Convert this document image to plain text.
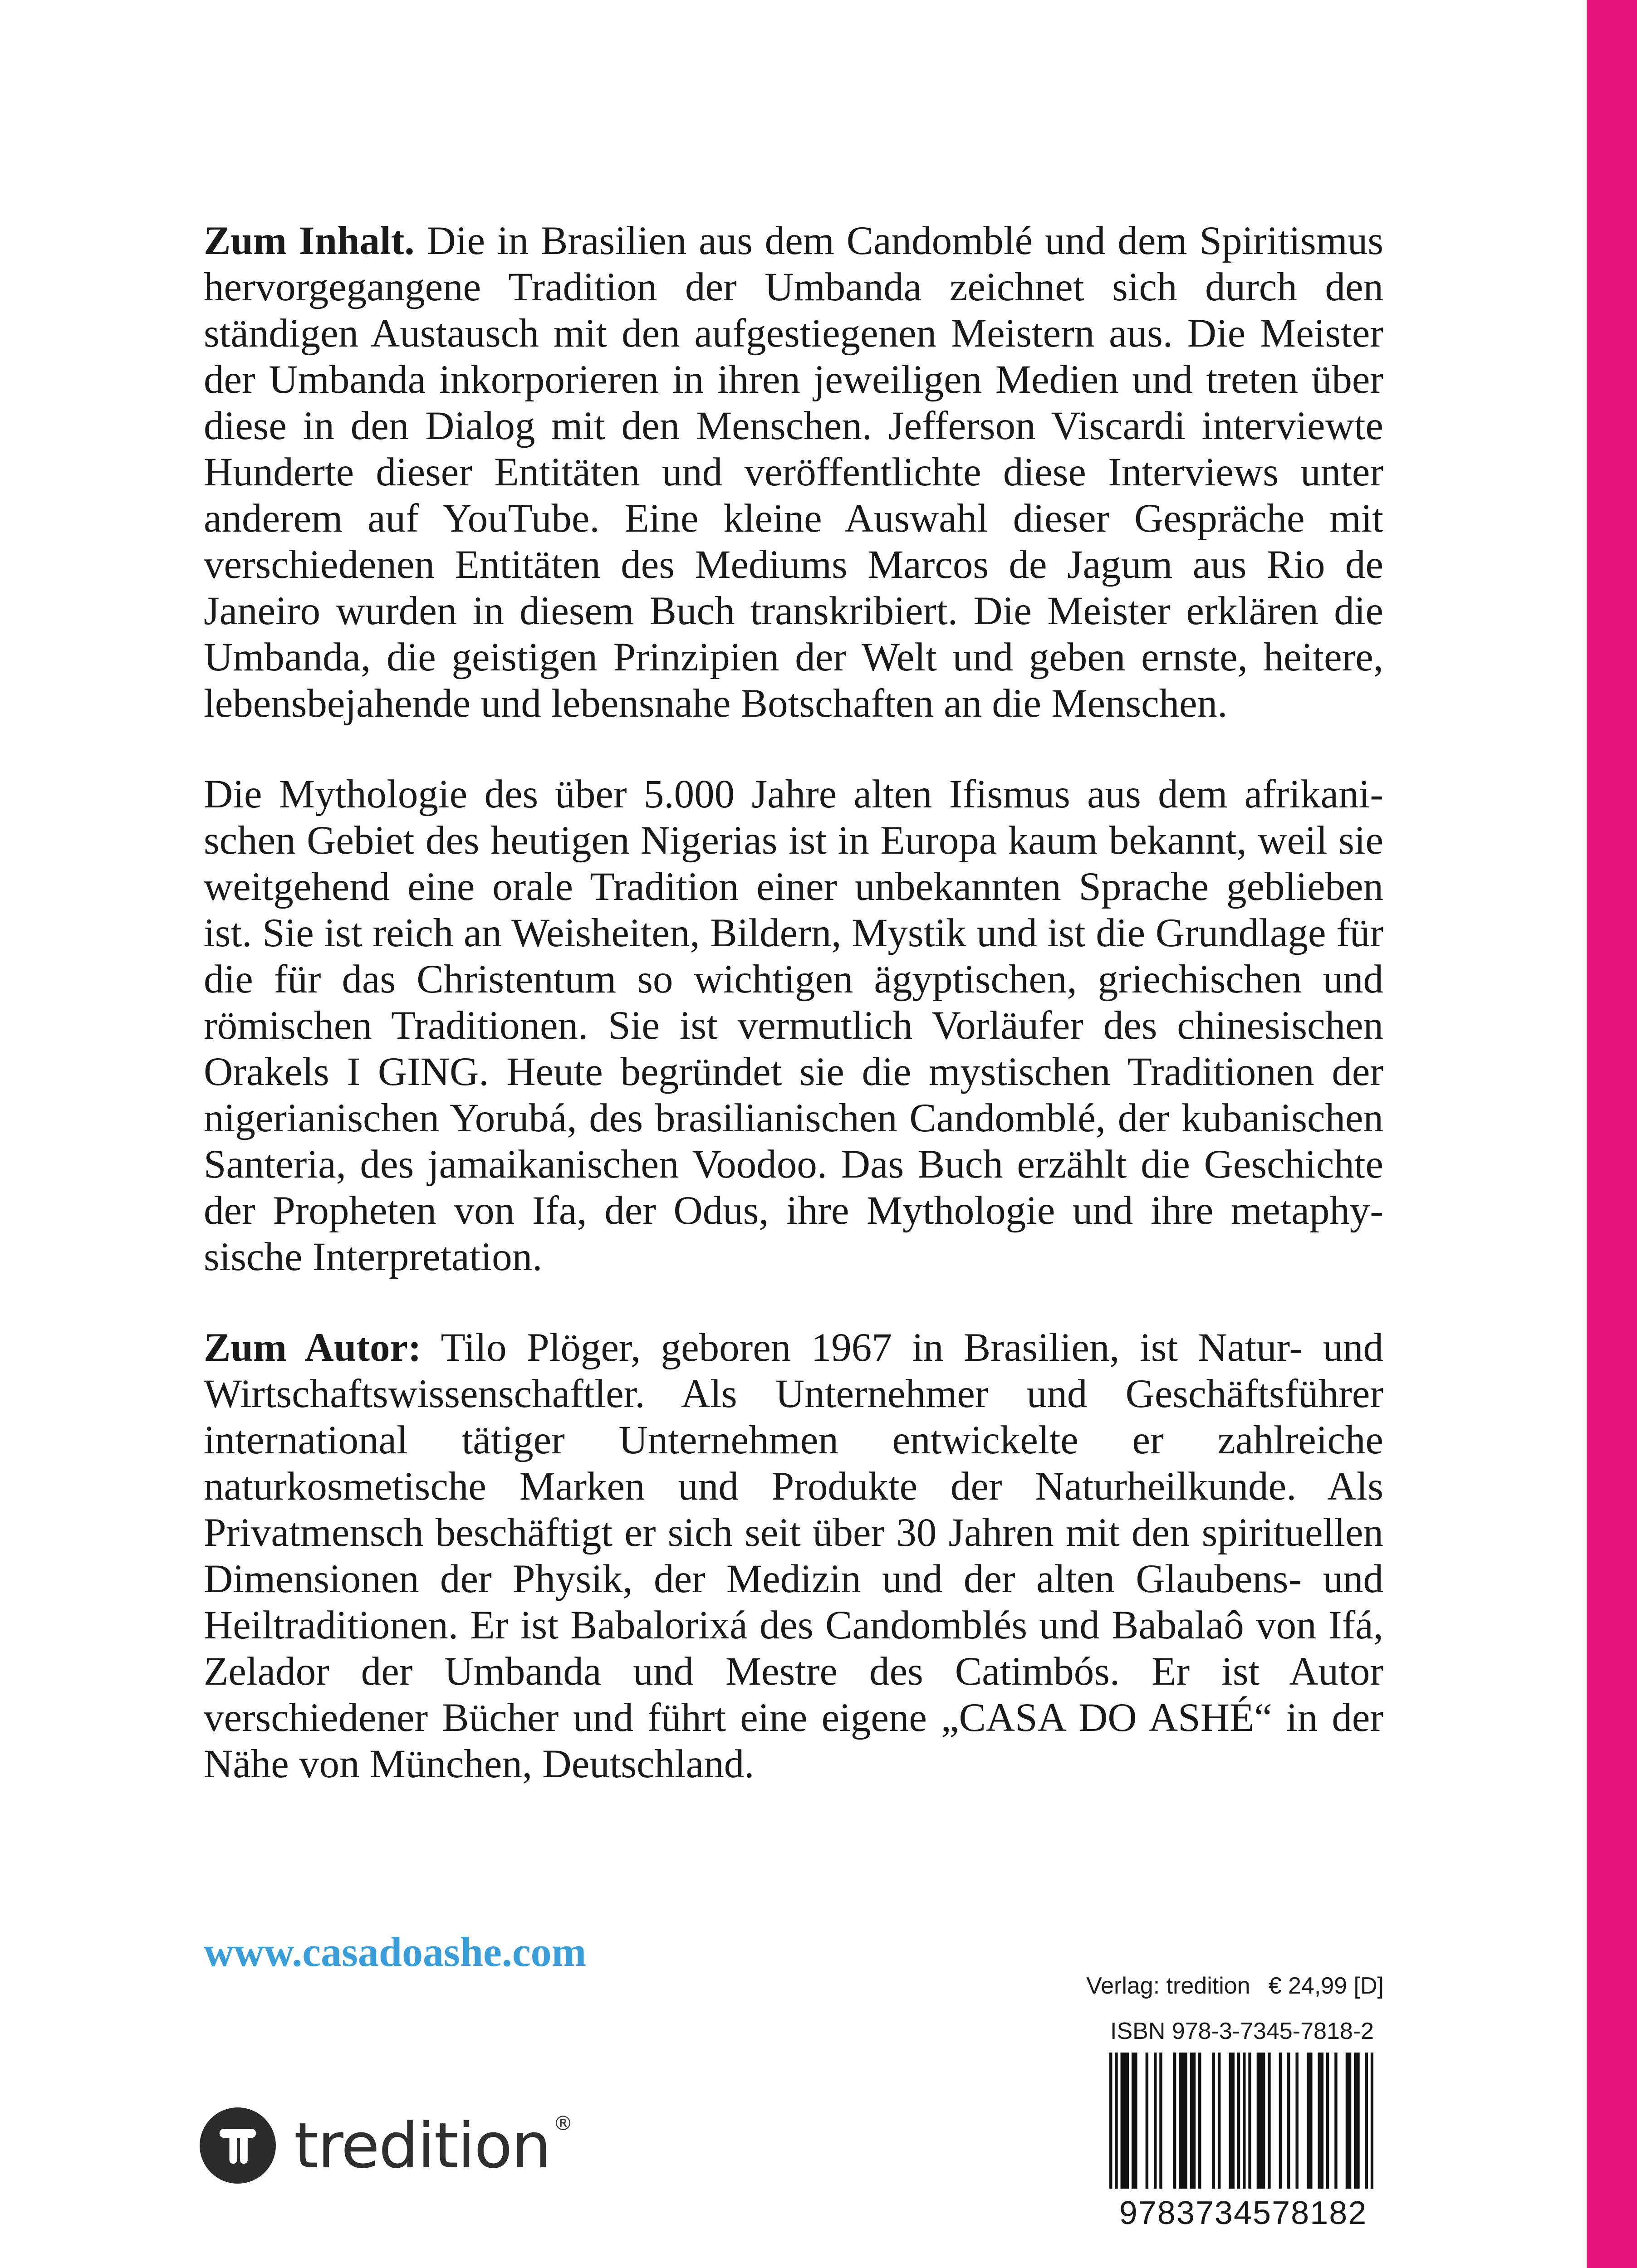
Zum Inhalt. Die in Brasilien aus dem Candomblé und dem Spiritismus hervorgegangene Tradition der Umbanda zeichnet sich durch den ständigen Austausch mit den aufgestiegenen Meistern aus. Die Meister der Umbanda inkorporieren in ihren jeweiligen Medien und treten über diese in den Dialog mit den Menschen. Jefferson Viscardi interviewte Hunderte dieser Entitäten und veröffentlichte diese Interviews unter anderem auf YouTube. Eine kleine Auswahl dieser Gespräche mit verschiedenen Entitäten des Mediums Marcos de Jagum aus Rio de Janeiro wurden in diesem Buch transkribiert. Die Meister erklären die Umbanda, die geistigen Prinzipien der Welt und geben ernste, heitere, lebensbejahende und lebensnahe Botschaften an die Menschen.
Die Mythologie des über 5.000 Jahre alten Ifismus aus dem afrikanischen Gebiet des heutigen Nigerias ist in Europa kaum bekannt, weil sie weitgehend eine orale Tradition einer unbekannten Sprache geblieben ist. Sie ist reich an Weisheiten, Bildern, Mystik und ist die Grundlage für die für das Christentum so wichtigen ägyptischen, griechischen und römischen Traditionen. Sie ist vermutlich Vorläufer des chinesischen Orakels I GING. Heute begründet sie die mystischen Traditionen der nigerianischen Yorubá, des brasilianischen Candomblé, der kubanischen Santeria, des jamaikanischen Voodoo. Das Buch erzählt die Geschichte der Propheten von Ifa, der Odus, ihre Mythologie und ihre metaphysische Interpretation.
Zum Autor: Tilo Plöger, geboren 1967 in Brasilien, ist Natur- und Wirtschaftswissenschaftler. Als Unternehmer und Geschäftsführer international tätiger Unternehmen entwickelte er zahlreiche naturkosmetische Marken und Produkte der Naturheilkunde. Als Privatmensch beschäftigt er sich seit über 30 Jahren mit den spirituellen Dimensionen der Physik, der Medizin und der alten Glaubens- und Heiltraditionen. Er ist Babalorixá des Candomblés und Babalaô von Ifá, Zelador der Umbanda und Mestre des Catimbós. Er ist Autor verschiedener Bücher und führt eine eigene „CASA DO ASHÉ“ in der Nähe von München, Deutschland.
www.casadoashe.com
tredition ®
Verlag: tredition € 24,99 [D]
ISBN 978-3-7345-7818-2
9783734578182
